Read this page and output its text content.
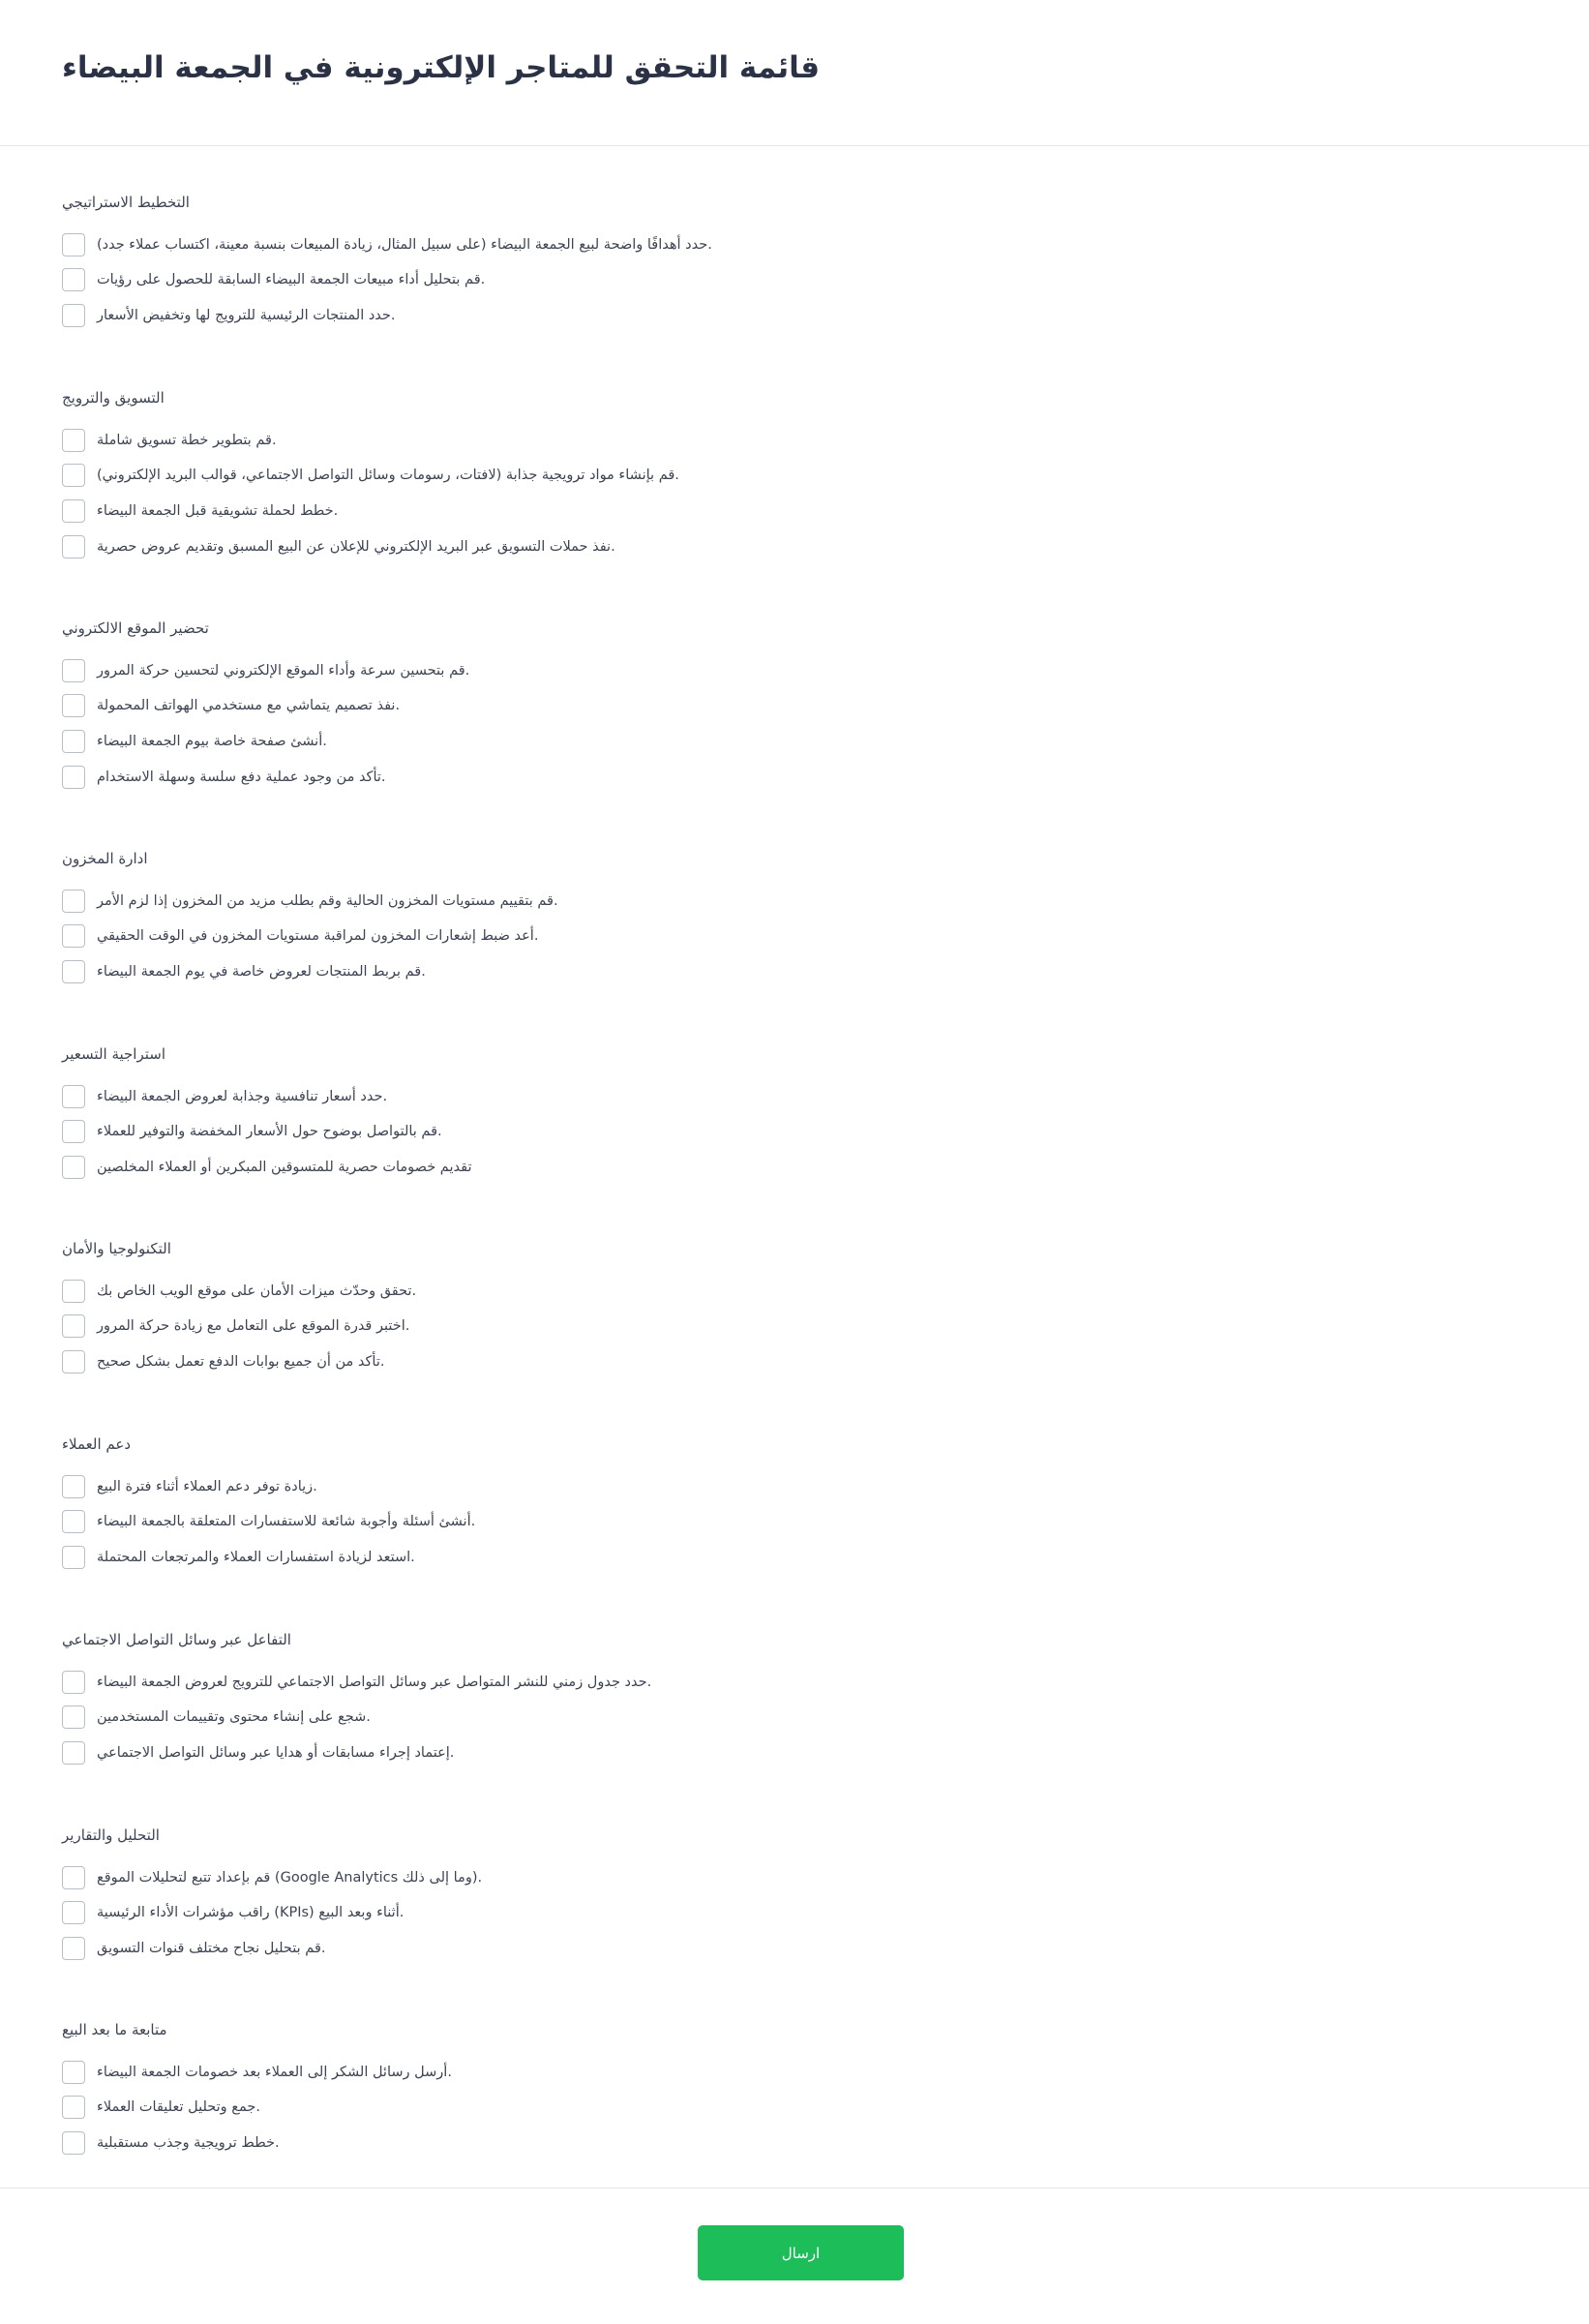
قائمة التحقق للمتاجر الإلكترونية في الجمعة البيضاء
التخطيط الاستراتيجي
حدد أهدافًا واضحة لبيع الجمعة البيضاء (على سبيل المثال، زيادة المبيعات بنسبة معينة، اكتساب عملاء جدد).
قم بتحليل أداء مبيعات الجمعة البيضاء السابقة للحصول على رؤيات.
حدد المنتجات الرئيسية للترويج لها وتخفيض الأسعار.
التسويق والترويج
قم بتطوير خطة تسويق شاملة.
قم بإنشاء مواد ترويجية جذابة (لافتات، رسومات وسائل التواصل الاجتماعي، قوالب البريد الإلكتروني).
خطط لحملة تشويقية قبل الجمعة البيضاء.
نفذ حملات التسويق عبر البريد الإلكتروني للإعلان عن البيع المسبق وتقديم عروض حصرية.
تحضير الموقع الالكتروني
قم بتحسين سرعة وأداء الموقع الإلكتروني لتحسين حركة المرور.
نفذ تصميم يتماشي مع مستخدمي الهواتف المحمولة.
أنشئ صفحة خاصة بيوم الجمعة البيضاء.
تأكد من وجود عملية دفع سلسة وسهلة الاستخدام.
ادارة المخزون
قم بتقييم مستويات المخزون الحالية وقم بطلب مزيد من المخزون إذا لزم الأمر.
أعد ضبط إشعارات المخزون لمراقبة مستويات المخزون في الوقت الحقيقي.
قم بربط المنتجات لعروض خاصة في يوم الجمعة البيضاء.
استراجية التسعير
حدد أسعار تنافسية وجذابة لعروض الجمعة البيضاء.
قم بالتواصل بوضوح حول الأسعار المخفضة والتوفير للعملاء.
تقديم خصومات حصرية للمتسوقين المبكرين أو العملاء المخلصين
التكنولوجيا والأمان
تحقق وحدّث ميزات الأمان على موقع الويب الخاص بك.
اختبر قدرة الموقع على التعامل مع زيادة حركة المرور.
تأكد من أن جميع بوابات الدفع تعمل بشكل صحيح.
دعم العملاء
زيادة توفر دعم العملاء أثناء فترة البيع.
أنشئ أسئلة وأجوبة شائعة للاستفسارات المتعلقة بالجمعة البيضاء.
استعد لزيادة استفسارات العملاء والمرتجعات المحتملة.
التفاعل عبر وسائل التواصل الاجتماعي
حدد جدول زمني للنشر المتواصل عبر وسائل التواصل الاجتماعي للترويج لعروض الجمعة البيضاء.
شجع على إنشاء محتوى وتقييمات المستخدمين.
إعتماد إجراء مسابقات أو هدايا عبر وسائل التواصل الاجتماعي.
التحليل والتقارير
قم بإعداد تتبع لتحليلات الموقع (Google Analytics وما إلى ذلك).
راقب مؤشرات الأداء الرئيسية (KPIs) أثناء وبعد البيع.
قم بتحليل نجاح مختلف قنوات التسويق.
متابعة ما بعد البيع
أرسل رسائل الشكر إلى العملاء بعد خصومات الجمعة البيضاء.
جمع وتحليل تعليقات العملاء.
خطط ترويجية وجذب مستقبلية.
ارسال
